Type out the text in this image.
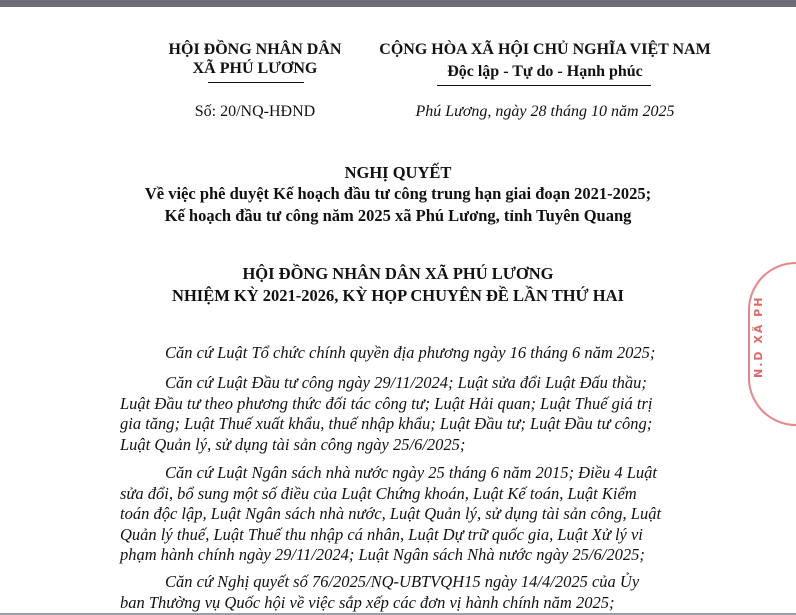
HỘI ĐỒNG NHÂN DÂN
XÃ PHÚ LƯƠNG
Số: 20/NQ-HĐND
CỘNG HÒA XÃ HỘI CHỦ NGHĨA VIỆT NAM
Độc lập - Tự do - Hạnh phúc
Phú Lương, ngày 28 tháng 10 năm 2025
NGHỊ QUYẾT
Về việc phê duyệt Kế hoạch đầu tư công trung hạn giai đoạn 2021-2025;
Kế hoạch đầu tư công năm 2025 xã Phú Lương, tỉnh Tuyên Quang
HỘI ĐỒNG NHÂN DÂN XÃ PHÚ LƯƠNG
NHIỆM KỲ 2021-2026, KỲ HỌP CHUYÊN ĐỀ LẦN THỨ HAI
Căn cứ Luật Tổ chức chính quyền địa phương ngày 16 tháng 6 năm 2025;
Căn cứ Luật Đầu tư công ngày 29/11/2024; Luật sửa đổi Luật Đấu thầu;
Luật Đầu tư theo phương thức đối tác công tư; Luật Hải quan; Luật Thuế giá trị
gia tăng; Luật Thuế xuất khẩu, thuế nhập khẩu; Luật Đầu tư; Luật Đầu tư công;
Luật Quản lý, sử dụng tài sản công ngày 25/6/2025;
Căn cứ Luật Ngân sách nhà nước ngày 25 tháng 6 năm 2015; Điều 4 Luật
sửa đổi, bổ sung một số điều của Luật Chứng khoán, Luật Kế toán, Luật Kiểm
toán độc lập, Luật Ngân sách nhà nước, Luật Quản lý, sử dụng tài sản công, Luật
Quản lý thuế, Luật Thuế thu nhập cá nhân, Luật Dự trữ quốc gia, Luật Xử lý vi
phạm hành chính ngày 29/11/2024; Luật Ngân sách Nhà nước ngày 25/6/2025;
Căn cứ Nghị quyết số 76/2025/NQ-UBTVQH15 ngày 14/4/2025 của Ủy
ban Thường vụ Quốc hội về việc sắp xếp các đơn vị hành chính năm 2025;
N.D XÃ PH
